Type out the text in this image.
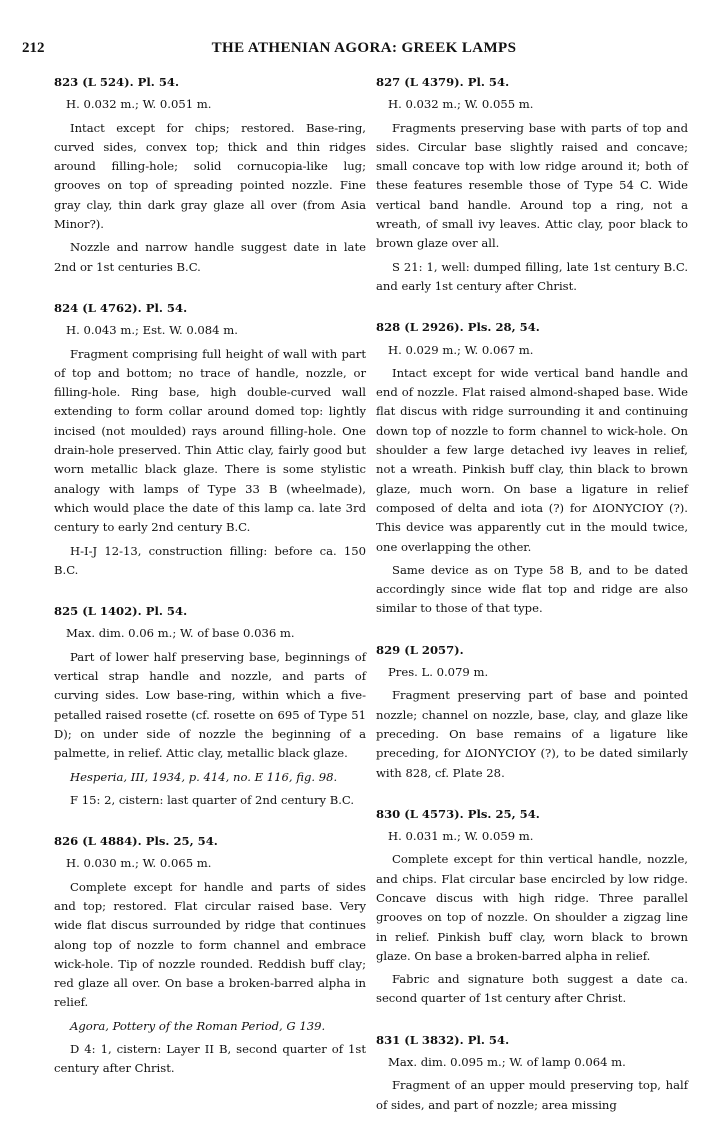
212	THE ATHENIAN AGORA: GREEK LAMPS

823 (L 524). Pl. 54.

H. 0.032 m.; W. 0.051 m.

Intact except for chips; restored. Base-ring, curved sides, convex top; thick and thin ridges around filling-hole; solid cornucopia-like lug; grooves on top of spreading pointed nozzle. Fine gray clay, thin dark gray glaze all over (from Asia Minor?).

Nozzle and narrow handle suggest date in late 2nd or 1st centuries B.C.

824 (L 4762). Pl. 54.

H. 0.043 m.; Est. W. 0.084 m.

Fragment comprising full height of wall with part of top and bottom; no trace of handle, nozzle, or filling-hole. Ring base, high double-curved wall extending to form collar around domed top: lightly incised (not moulded) rays around filling-hole. One drain-hole preserved. Thin Attic clay, fairly good but worn metallic black glaze. There is some stylistic analogy with lamps of Type 33 B (wheelmade), which would place the date of this lamp ca. late 3rd century to early 2nd century B.C.

H-I-J 12-13, construction filling: before ca. 150 B.C.

825 (L 1402). Pl. 54.

Max. dim. 0.06 m.; W. of base 0.036 m.

Part of lower half preserving base, beginnings of vertical strap handle and nozzle, and parts of curving sides. Low base-ring, within which a five-petalled raised rosette (cf. rosette on 695 of Type 51 D); on under side of nozzle the beginning of a palmette, in relief. Attic clay, metallic black glaze.

Hesperia, III, 1934, p. 414, no. E 116, fig. 98.

F 15: 2, cistern: last quarter of 2nd century B.C.

826 (L 4884). Pls. 25, 54.

H. 0.030 m.; W. 0.065 m.

Complete except for handle and parts of sides and top; restored. Flat circular raised base. Very wide flat discus surrounded by ridge that continues along top of nozzle to form channel and embrace wick-hole. Tip of nozzle rounded. Reddish buff clay; red glaze all over. On base a broken-barred alpha in relief.

Agora, Pottery of the Roman Period, G 139.

D 4: 1, cistern: Layer II B, second quarter of 1st century after Christ.

827 (L 4379). Pl. 54.

H. 0.032 m.; W. 0.055 m.

Fragments preserving base with parts of top and sides. Circular base slightly raised and concave; small concave top with low ridge around it; both of these features resemble those of Type 54 C. Wide vertical band handle. Around top a ring, not a wreath, of small ivy leaves. Attic clay, poor black to brown glaze over all.

S 21: 1, well: dumped filling, late 1st century B.C. and early 1st century after Christ.

828 (L 2926). Pls. 28, 54.

H. 0.029 m.; W. 0.067 m.

Intact except for wide vertical band handle and end of nozzle. Flat raised almond-shaped base. Wide flat discus with ridge surrounding it and continuing down top of nozzle to form channel to wick-hole. On shoulder a few large detached ivy leaves in relief, not a wreath. Pinkish buff clay, thin black to brown glaze, much worn. On base a ligature in relief composed of delta and iota (?) for ΔΙΟΝΥCΙΟΥ (?). This device was apparently cut in the mould twice, one overlapping the other.

Same device as on Type 58 B, and to be dated accordingly since wide flat top and ridge are also similar to those of that type.

829 (L 2057).

Pres. L. 0.079 m.

Fragment preserving part of base and pointed nozzle; channel on nozzle, base, clay, and glaze like preceding. On base remains of a ligature like preceding, for ΔΙΟΝΥCΙΟΥ (?), to be dated similarly with 828, cf. Plate 28.

830 (L 4573). Pls. 25, 54.

H. 0.031 m.; W. 0.059 m.

Complete except for thin vertical handle, nozzle, and chips. Flat circular base encircled by low ridge. Concave discus with high ridge. Three parallel grooves on top of nozzle. On shoulder a zigzag line in relief. Pinkish buff clay, worn black to brown glaze. On base a broken-barred alpha in relief.

Fabric and signature both suggest a date ca. second quarter of 1st century after Christ.

831 (L 3832). Pl. 54.

Max. dim. 0.095 m.; W. of lamp 0.064 m.

Fragment of an upper mould preserving top, half of sides, and part of nozzle; area missing
